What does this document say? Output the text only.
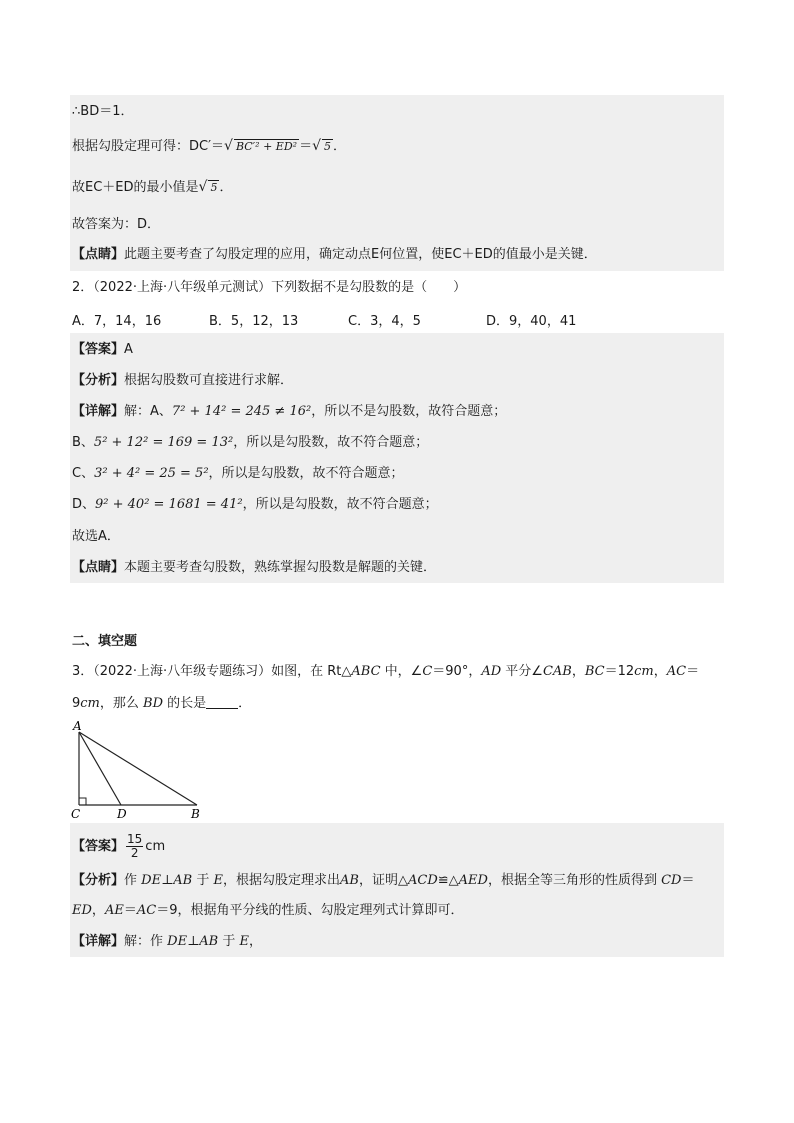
∴BD＝1．
根据勾股定理可得：DC′＝√ BC′² + ED² ＝√ 5 ．
故EC＋ED的最小值是√ 5 ．
故答案为：D．
【点睛】此题主要考查了勾股定理的应用，确定动点E何位置，使EC＋ED的值最小是关键．
2．（2022·上海·八年级单元测试）下列数据不是勾股数的是（　　）
A．7，14，16	B．5，12，13	C．3，4，5	D．9，40，41
【答案】A
【分析】根据勾股数可直接进行求解．
【详解】解：A、7² + 14² = 245 ≠ 16²，所以不是勾股数，故符合题意；
B、5² + 12² = 169 = 13²，所以是勾股数，故不符合题意；
C、3² + 4² = 25 = 5²，所以是勾股数，故不符合题意；
D、9² + 40² = 1681 = 41²，所以是勾股数，故不符合题意；
故选A．
【点睛】本题主要考查勾股数，熟练掌握勾股数是解题的关键．
二、填空题
3．（2022·上海·八年级专题练习）如图，在 Rt△ABC 中，∠C＝90°，AD 平分∠CAB，BC＝12cm，AC＝
9cm，那么 BD 的长是 ．
A
C	D	B
【答案】 $\frac{15}{2}$ cm
【分析】作 DE⊥AB 于 E，根据勾股定理求出AB，证明△ACD≌△AED，根据全等三角形的性质得到 CD＝
ED，AE＝AC＝9，根据角平分线的性质、勾股定理列式计算即可．
【详解】解：作 DE⊥AB 于 E，
